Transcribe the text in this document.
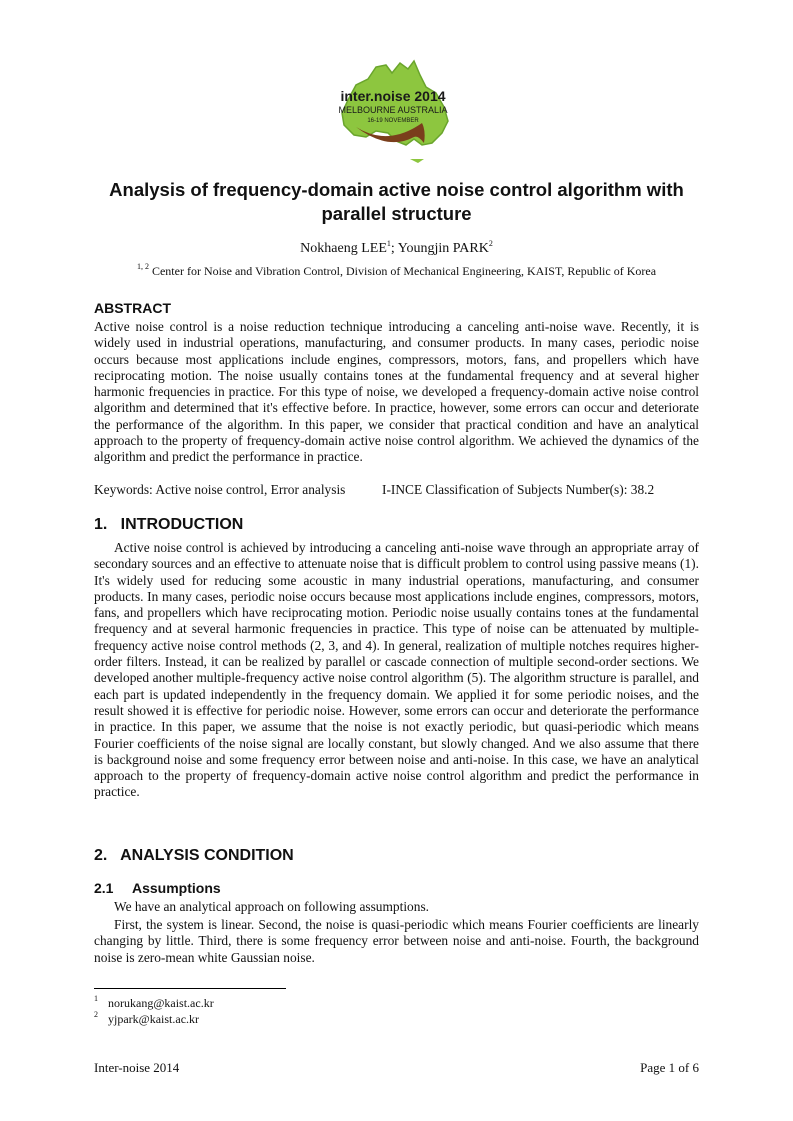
inter.noise 2014
MELBOURNE AUSTRALIA
16-19 NOVEMBER
Analysis of frequency-domain active noise control algorithm with parallel structure
Nokhaeng LEE$^1$; Youngjin PARK$^2$
$^{1, 2}$ Center for Noise and Vibration Control, Division of Mechanical Engineering, KAIST, Republic of Korea
ABSTRACT

Active noise control is a noise reduction technique introducing a canceling anti-noise wave. Recently, it is widely used in industrial operations, manufacturing, and consumer products. In many cases, periodic noise occurs because most applications include engines, compressors, motors, fans, and propellers which have reciprocating motion. The noise usually contains tones at the fundamental frequency and at several higher harmonic frequencies in practice. For this type of noise, we developed a frequency-domain active noise control algorithm and determined that it's effective before. In practice, however, some errors can occur and deteriorate the performance of the algorithm. In this paper, we consider that practical condition and have an analytical approach to the property of frequency-domain active noise control algorithm. We achieved the dynamics of the algorithm and predict the performance in practice.

Keywords: Active noise control, Error analysis	I-INCE Classification of Subjects Number(s): 38.2
1.   INTRODUCTION

Active noise control is achieved by introducing a canceling anti-noise wave through an appropriate array of secondary sources and an effective to attenuate noise that is difficult problem to control using passive means (1). It's widely used for reducing some acoustic in many industrial operations, manufacturing, and consumer products. In many cases, periodic noise occurs because most applications include engines, compressors, motors, fans, and propellers which have reciprocating motion. Periodic noise usually contains tones at the fundamental frequency and at several harmonic frequencies in practice. This type of noise can be attenuated by multiple-frequency active noise control methods (2, 3, and 4). In general, realization of multiple notches requires higher-order filters. Instead, it can be realized by parallel or cascade connection of multiple second-order sections. We developed another multiple-frequency active noise control algorithm (5). The algorithm structure is parallel, and each part is updated independently in the frequency domain. We applied it for some periodic noises, and the result showed it is effective for periodic noise. However, some errors can occur and deteriorate the performance in practice. In this paper, we assume that the noise is not exactly periodic, but quasi-periodic which means Fourier coefficients of the noise signal are locally constant, but slowly changed. And we also assume that there is background noise and some frequency error between noise and anti-noise. In this case, we have an analytical approach to the property of frequency-domain active noise control algorithm and predict the performance in practice.

2.   ANALYSIS CONDITION
2.1 Assumptions

We have an analytical approach on following assumptions.

First, the system is linear. Second, the noise is quasi-periodic which means Fourier coefficients are linearly changing by little. Third, there is some frequency error between noise and anti-noise. Fourth, the background noise is zero-mean white Gaussian noise.

$^1$ norukang@kaist.ac.kr
$^2$ yjpark@kaist.ac.kr
Inter-noise 2014	Page 1 of 6
